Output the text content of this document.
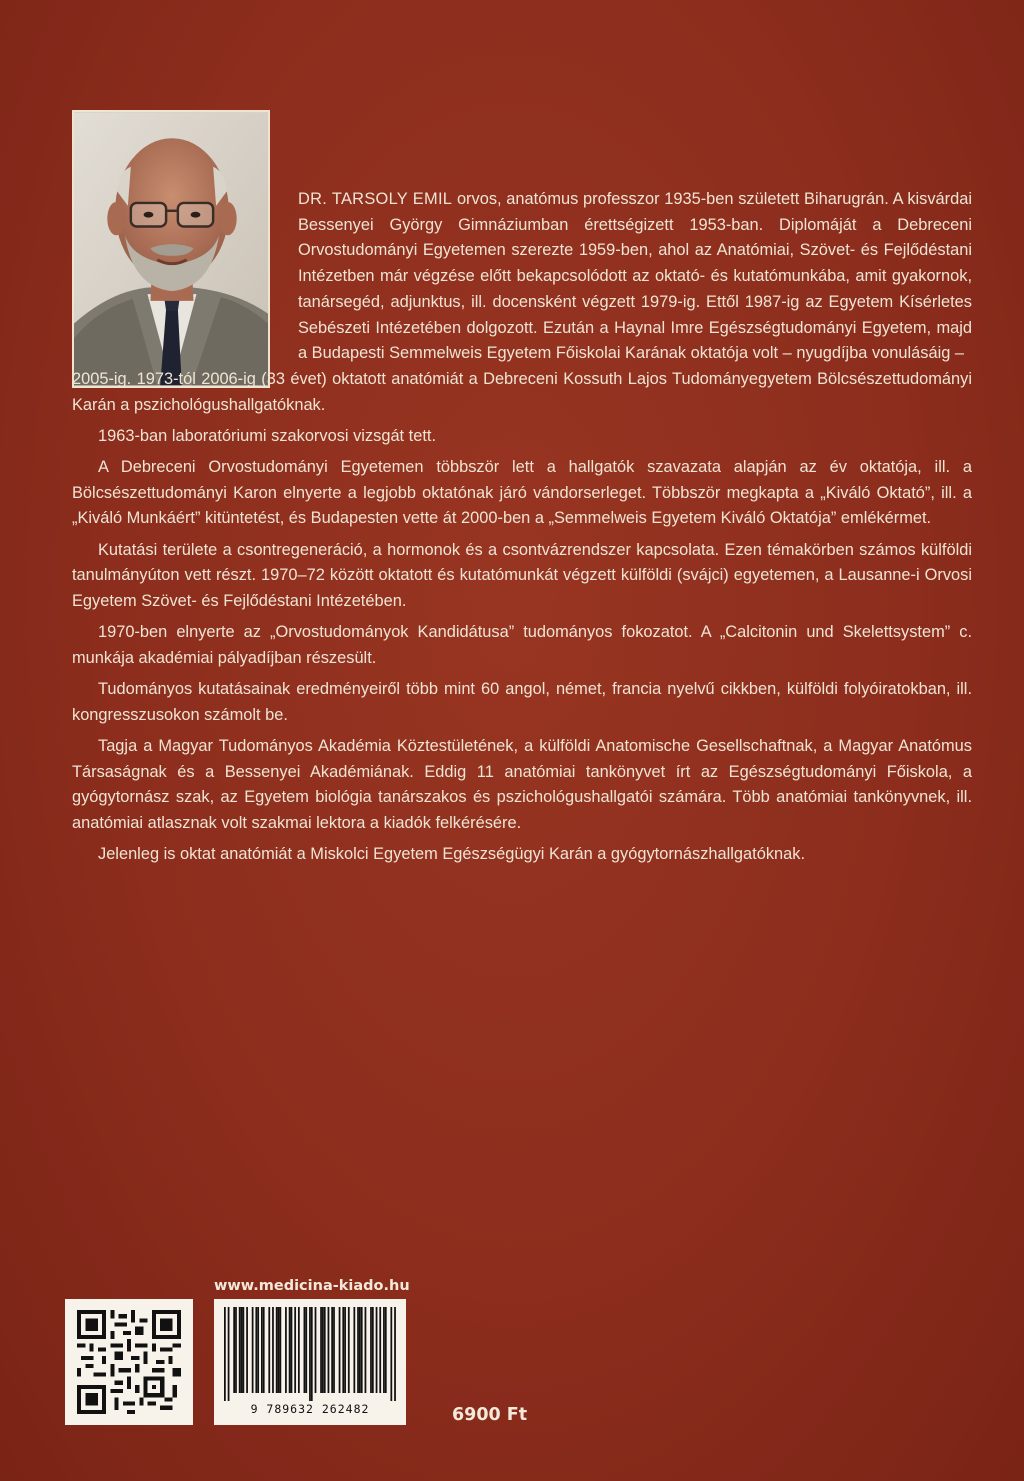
DR. TARSOLY EMIL orvos, anatómus professzor 1935-ben született Biharugrán. A kisvárdai Bessenyei György Gimnáziumban érettségizett 1953-ban. Diplomáját a Debreceni Orvostudományi Egyetemen szerezte 1959-ben, ahol az Anatómiai, Szövet- és Fejlődéstani Intézetben már végzése előtt bekapcsolódott az oktató- és kutatómunkába, amit gyakornok, tanársegéd, adjunktus, ill. docensként végzett 1979-ig. Ettől 1987-ig az Egyetem Kísérletes Sebészeti Intézetében dolgozott. Ezután a Haynal Imre Egészségtudományi Egyetem, majd a Budapesti Semmelweis Egyetem Főiskolai Karának oktatója volt – nyugdíjba vonulásáig –
2005-ig. 1973-tól 2006-ig (33 évet) oktatott anatómiát a Debreceni Kossuth Lajos Tudományegyetem Bölcsészettudományi Karán a pszichológushallgatóknak.

1963-ban laboratóriumi szakorvosi vizsgát tett.

A Debreceni Orvostudományi Egyetemen többször lett a hallgatók szavazata alapján az év oktatója, ill. a Bölcsészettudományi Karon elnyerte a legjobb oktatónak járó vándorserleget. Többször megkapta a „Kiváló Oktató”, ill. a „Kiváló Munkáért” kitüntetést, és Budapesten vette át 2000-ben a „Semmelweis Egyetem Kiváló Oktatója” emlékérmet.

Kutatási területe a csontregeneráció, a hormonok és a csontvázrendszer kapcsolata. Ezen témakörben számos külföldi tanulmányúton vett részt. 1970–72 között oktatott és kutatómunkát végzett külföldi (svájci) egyetemen, a Lausanne-i Orvosi Egyetem Szövet- és Fejlődéstani Intézetében.

1970-ben elnyerte az „Orvostudományok Kandidátusa” tudományos fokozatot. A „Calcitonin und Skelettsystem” c. munkája akadémiai pályadíjban részesült.

Tudományos kutatásainak eredményeiről több mint 60 angol, német, francia nyelvű cikkben, külföldi folyóiratokban, ill. kongresszusokon számolt be.

Tagja a Magyar Tudományos Akadémia Köztestületének, a külföldi Anatomische Gesellschaftnak, a Magyar Anatómus Társaságnak és a Bessenyei Akadémiának. Eddig 11 anatómiai tankönyvet írt az Egészségtudományi Főiskola, a gyógytornász szak, az Egyetem biológia tanárszakos és pszichológushallgatói számára. Több anatómiai tankönyvnek, ill. anatómiai atlasznak volt szakmai lektora a kiadók felkérésére.

Jelenleg is oktat anatómiát a Miskolci Egyetem Egészségügyi Karán a gyógytornászhallgatóknak.

www.medicina-kiado.hu
9 789632 262482	6900 Ft
